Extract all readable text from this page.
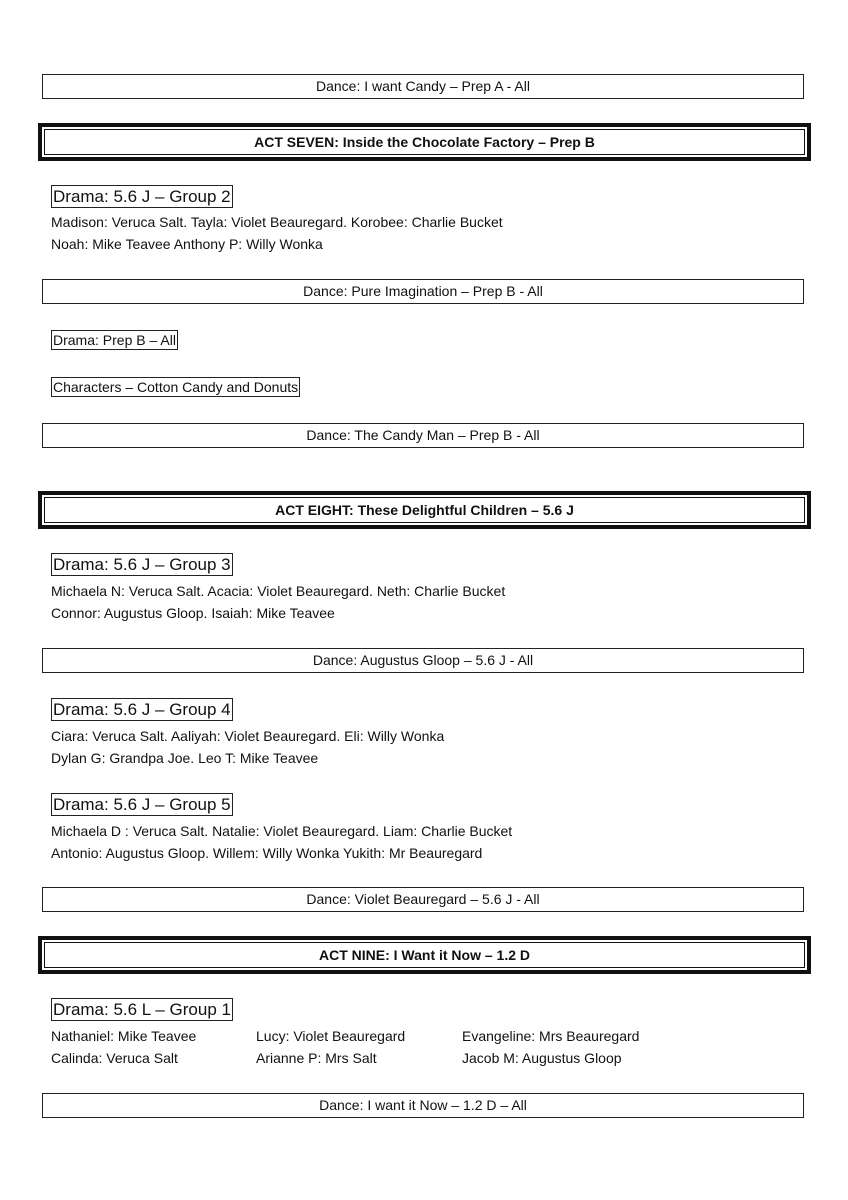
Dance: I want Candy – Prep A - All
ACT SEVEN: Inside the Chocolate Factory – Prep B
Drama: 5.6 J – Group 2
Madison: Veruca Salt. Tayla: Violet Beauregard. Korobee: Charlie Bucket
Noah: Mike Teavee Anthony P: Willy Wonka
Dance: Pure Imagination – Prep B - All
Drama: Prep B – All
Characters – Cotton Candy and Donuts
Dance: The Candy Man – Prep B - All
ACT EIGHT: These Delightful Children – 5.6 J
Drama: 5.6 J – Group 3
Michaela N: Veruca Salt. Acacia: Violet Beauregard. Neth: Charlie Bucket
Connor: Augustus Gloop. Isaiah: Mike Teavee
Dance: Augustus Gloop – 5.6 J - All
Drama: 5.6 J – Group 4
Ciara: Veruca Salt. Aaliyah: Violet Beauregard. Eli: Willy Wonka
Dylan G: Grandpa Joe. Leo T: Mike Teavee
Drama: 5.6 J – Group 5
Michaela D : Veruca Salt. Natalie: Violet Beauregard. Liam: Charlie Bucket
Antonio: Augustus Gloop. Willem: Willy Wonka Yukith: Mr Beauregard
Dance: Violet Beauregard – 5.6 J - All
ACT NINE: I Want it Now – 1.2 D
Drama: 5.6 L – Group 1
Nathaniel: Mike Teavee	Lucy: Violet Beauregard	Evangeline: Mrs Beauregard
Calinda: Veruca Salt	Arianne P: Mrs Salt	Jacob M: Augustus Gloop
Dance: I want it Now – 1.2 D – All
